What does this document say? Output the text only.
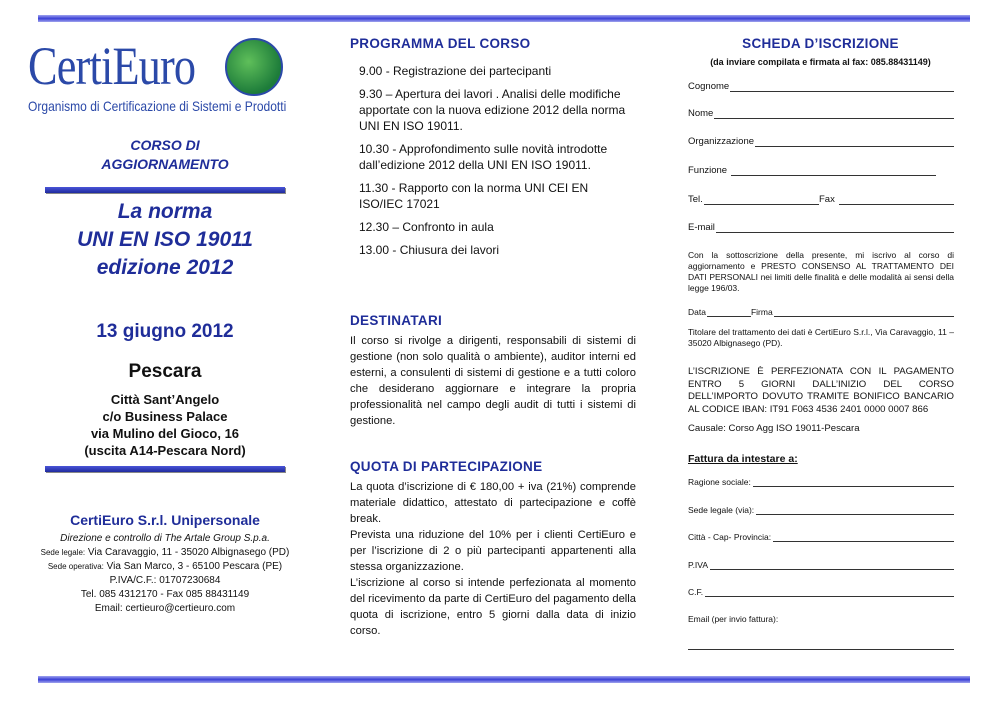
CertiEuro
Organismo di Certificazione di Sistemi e Prodotti
CORSO DI
AGGIORNAMENTO
La norma
UNI EN ISO 19011
edizione 2012
13 giugno 2012
Pescara
Città Sant’Angelo
c/o Business Palace
via Mulino del Gioco, 16
(uscita A14-Pescara Nord)
CertiEuro S.r.l. Unipersonale
Direzione e controllo di The Artale Group S.p.a.
Sede legale: Via Caravaggio, 11 - 35020 Albignasego (PD)
Sede operativa: Via San Marco, 3 - 65100 Pescara (PE)
P.IVA/C.F.: 01707230684
Tel. 085 4312170 - Fax 085 88431149
Email: certieuro@certieuro.com
PROGRAMMA DEL CORSO
9.00 - Registrazione dei partecipanti
9.30 – Apertura dei lavori . Analisi delle modifiche apportate con la nuova edizione 2012 della norma UNI EN ISO 19011.
10.30 - Approfondimento sulle novità introdotte dall’edizione 2012 della UNI EN ISO 19011.
11.30 - Rapporto con la norma UNI CEI EN ISO/IEC 17021
12.30 – Confronto in aula
13.00 - Chiusura dei lavori
DESTINATARI
Il corso si rivolge a dirigenti, responsabili di sistemi di gestione (non solo qualità o ambiente), auditor interni ed esterni, a consulenti di sistemi di gestione e a tutti coloro che desiderano aggiornare e integrare la propria professionalità nel campo degli audit di tutti i sistemi di gestione.
QUOTA DI PARTECIPAZIONE
La quota d’iscrizione di € 180,00 + iva (21%) comprende materiale didattico, attestato di partecipazione e coffè break.
Prevista una riduzione del 10% per i clienti CertiEuro e per l’iscrizione di 2 o più partecipanti appartenenti alla stessa organizzazione.
L’iscrizione al corso si intende perfezionata al momento del ricevimento da parte di CertiEuro del pagamento della quota di iscrizione, entro 5 giorni dalla data di inizio corso.
SCHEDA D’ISCRIZIONE
(da inviare compilata e firmata al fax: 085.88431149)
Cognome
Nome
Organizzazione
Funzione
Tel.	Fax
E-mail
Con la sottoscrizione della presente, mi iscrivo al corso di aggiornamento e PRESTO CONSENSO AL TRATTAMENTO DEI DATI PERSONALI nei limiti delle finalità e delle modalità ai sensi della legge 196/03.
Data	Firma
Titolare del trattamento dei dati è CertiEuro S.r.l., Via Caravaggio, 11 – 35020 Albignasego (PD).
L’ISCRIZIONE È PERFEZIONATA CON IL PAGAMENTO ENTRO 5 GIORNI DALL’INIZIO DEL CORSO DELL’IMPORTO DOVUTO TRAMITE BONIFICO BANCARIO AL CODICE IBAN: IT91 F063 4536 2401 0000 0007 866
Causale: Corso Agg ISO 19011-Pescara
Fattura da intestare a:
Ragione sociale:
Sede legale (via):
Città - Cap- Provincia:
P.IVA
C.F.
Email (per invio fattura):
